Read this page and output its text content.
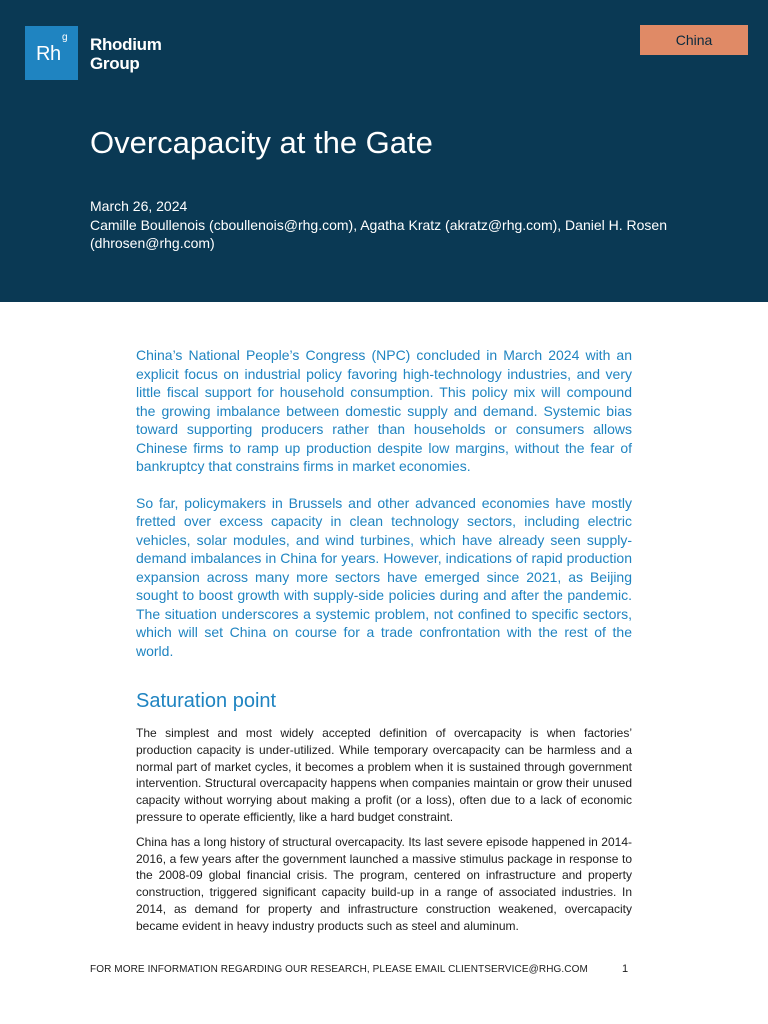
Rh
g Rhodium
Group
China
Overcapacity at the Gate
March 26, 2024
Camille Boullenois (cboullenois@rhg.com), Agatha Kratz (akratz@rhg.com), Daniel H. Rosen (dhrosen@rhg.com)

China’s National People’s Congress (NPC) concluded in March 2024 with an explicit focus on industrial policy favoring high-technology industries, and very little fiscal support for household consumption. This policy mix will compound the growing imbalance between domestic supply and demand. Systemic bias toward supporting producers rather than households or consumers allows Chinese firms to ramp up production despite low margins, without the fear of bankruptcy that constrains firms in market economies.

So far, policymakers in Brussels and other advanced economies have mostly fretted over excess capacity in clean technology sectors, including electric vehicles, solar modules, and wind turbines, which have already seen supply-demand imbalances in China for years. However, indications of rapid production expansion across many more sectors have emerged since 2021, as Beijing sought to boost growth with supply-side policies during and after the pandemic. The situation underscores a systemic problem, not confined to specific sectors, which will set China on course for a trade confrontation with the rest of the world.

Saturation point

The simplest and most widely accepted definition of overcapacity is when factories’ production capacity is under-utilized. While temporary overcapacity can be harmless and a normal part of market cycles, it becomes a problem when it is sustained through government intervention. Structural overcapacity happens when companies maintain or grow their unused capacity without worrying about making a profit (or a loss), often due to a lack of economic pressure to operate efficiently, like a hard budget constraint.

China has a long history of structural overcapacity. Its last severe episode happened in 2014-2016, a few years after the government launched a massive stimulus package in response to the 2008-09 global financial crisis. The program, centered on infrastructure and property construction, triggered significant capacity build-up in a range of associated industries. In 2014, as demand for property and infrastructure construction weakened, overcapacity became evident in heavy industry products such as steel and aluminum.

FOR MORE INFORMATION REGARDING OUR RESEARCH, PLEASE EMAIL CLIENTSERVICE@RHG.COM	1
